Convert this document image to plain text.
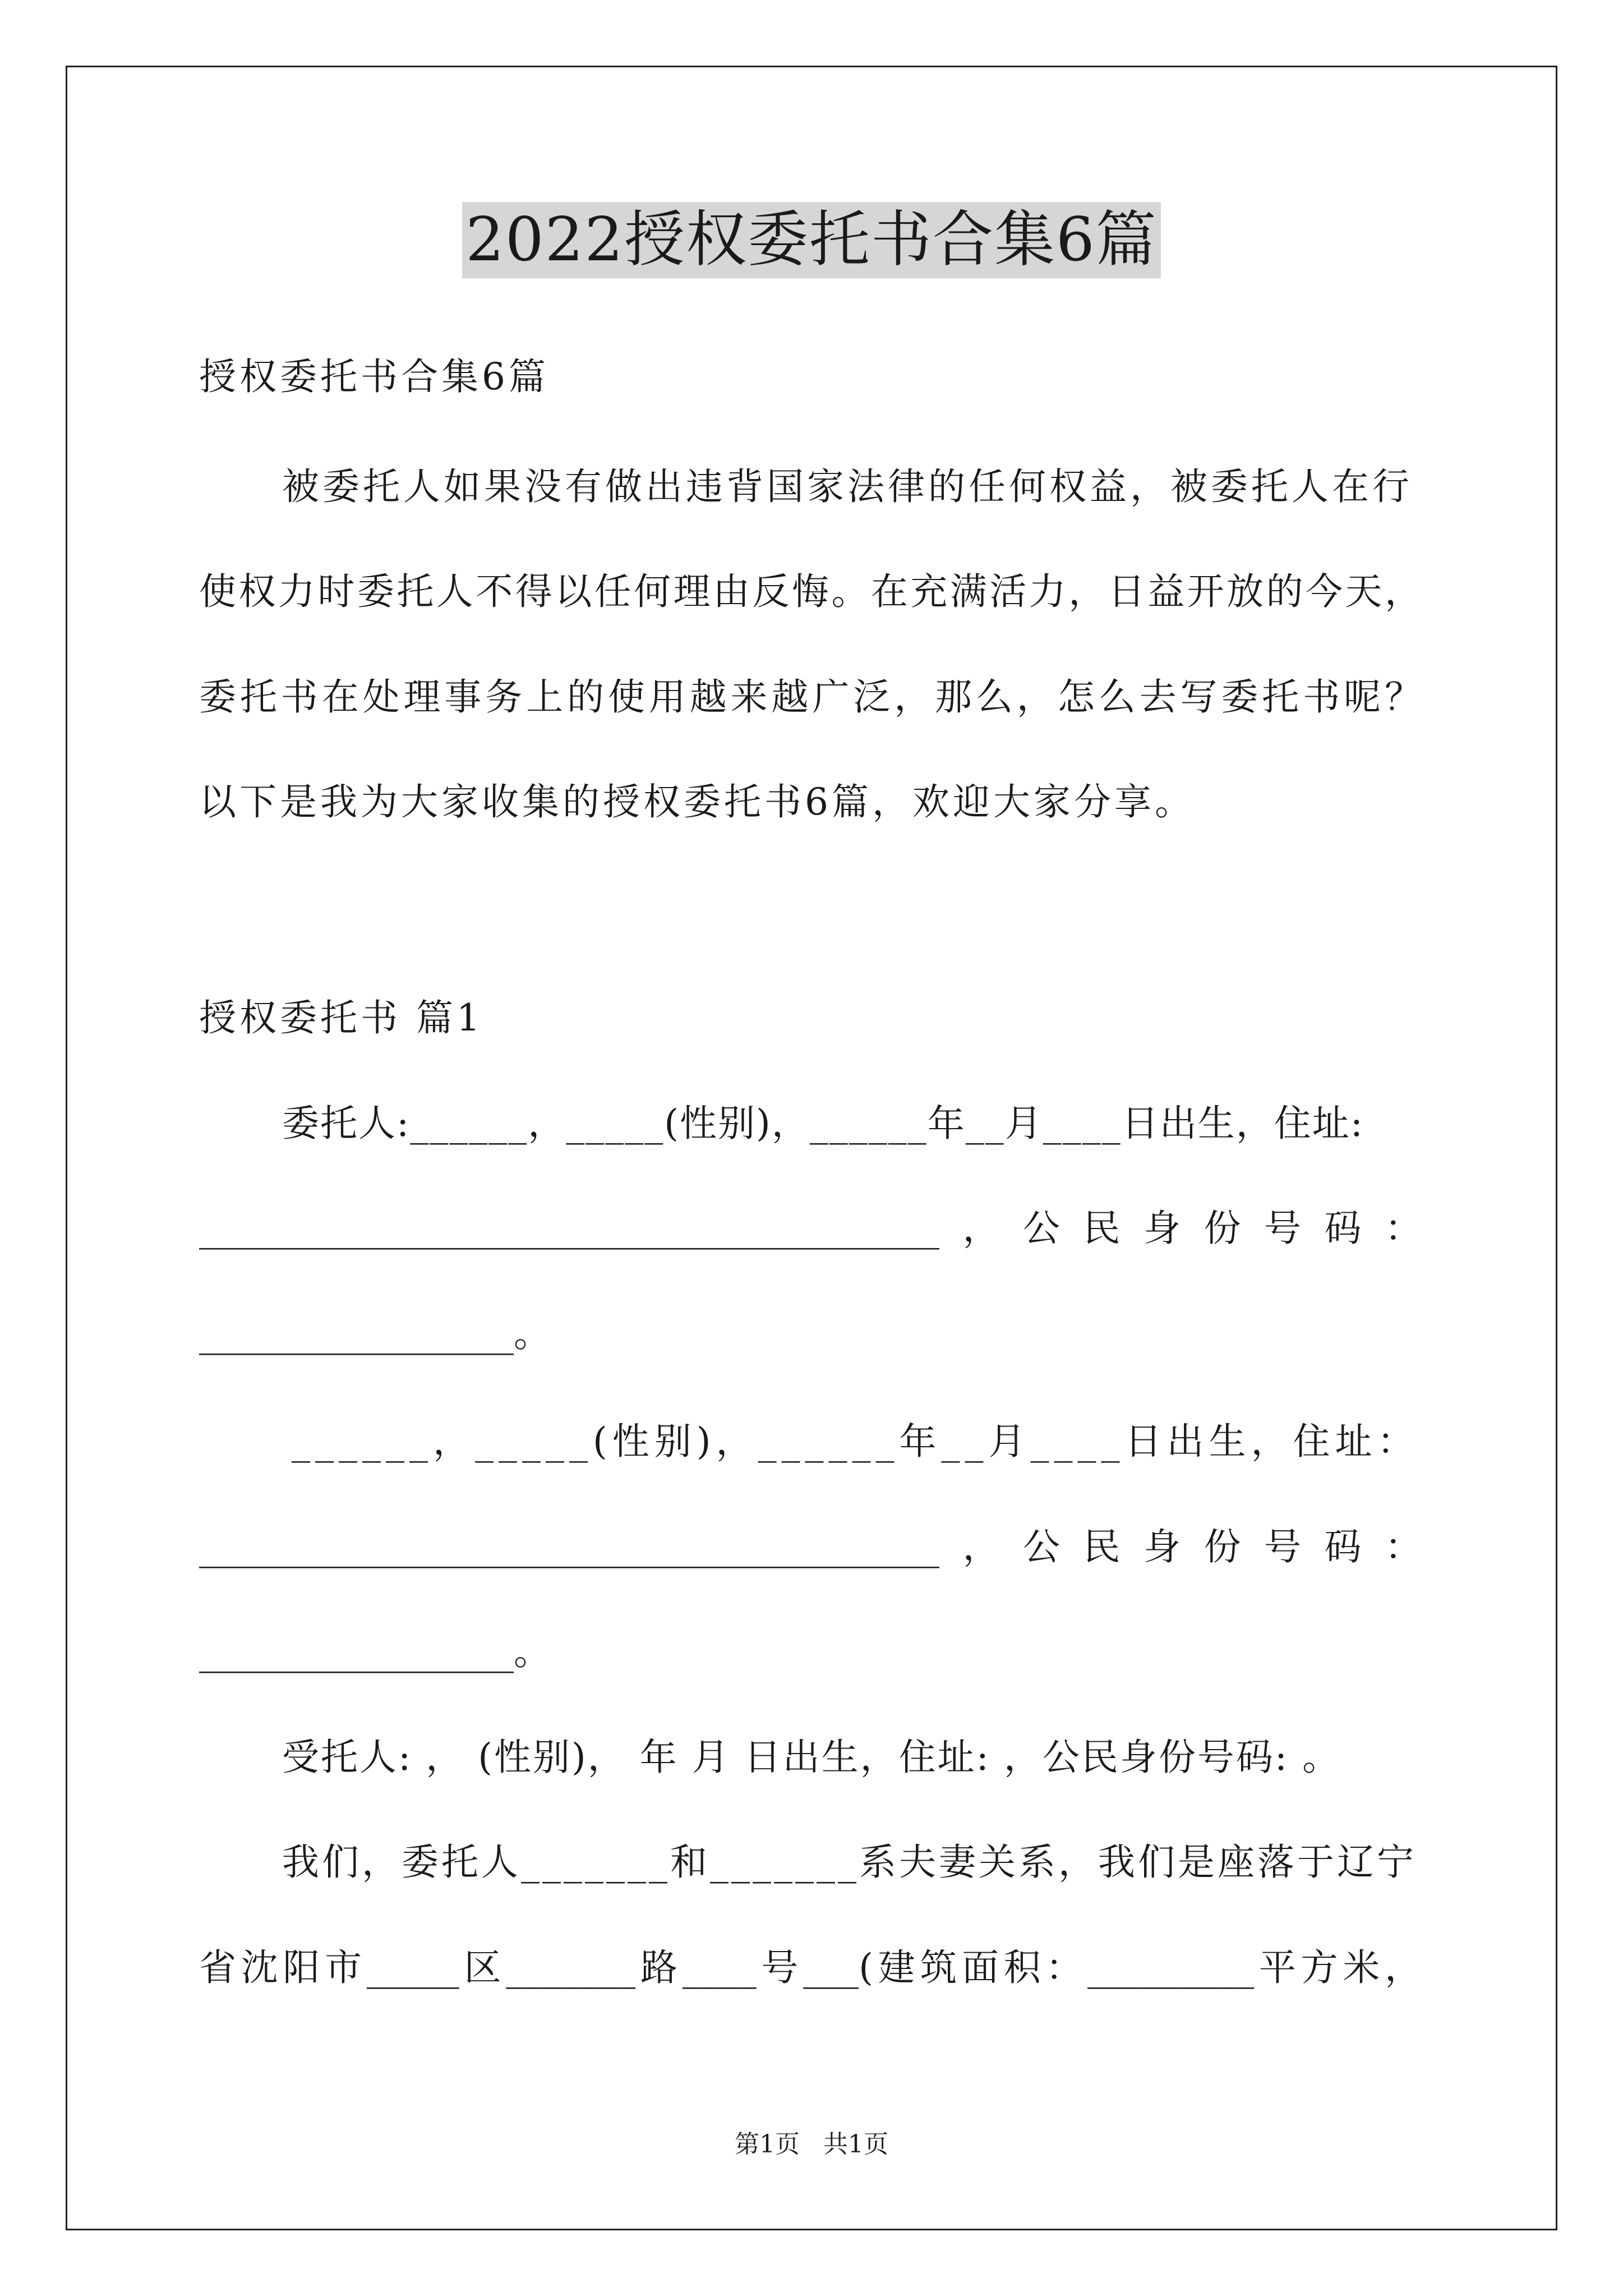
2022授权委托书合集6篇
授权委托书合集6篇
被委托人如果没有做出违背国家法律的任何权益，被委托人在行
使权力时委托人不得以任何理由反悔。在充满活力，日益开放的今天，
委托书在处理事务上的使用越来越广泛，那么，怎么去写委托书呢？
以下是我为大家收集的授权委托书6篇，欢迎大家分享。
授权委托书 篇1
委托人:______，_____(性别)，______年__月____日出生，住址:
________________________________________，公民身份号码：
_________________。
______，_____(性别)，______年__月____日出生，住址：
________________________________________，公民身份号码：
_________________。
受托人: ， (性别)， 年 月 日出生，住址: ，公民身份号码: 。
我们，委托人_______和_______系夫妻关系，我们是座落于辽宁
省沈阳市_____区_______路____号___(建筑面积：_________平方米，
第1页   共1页
